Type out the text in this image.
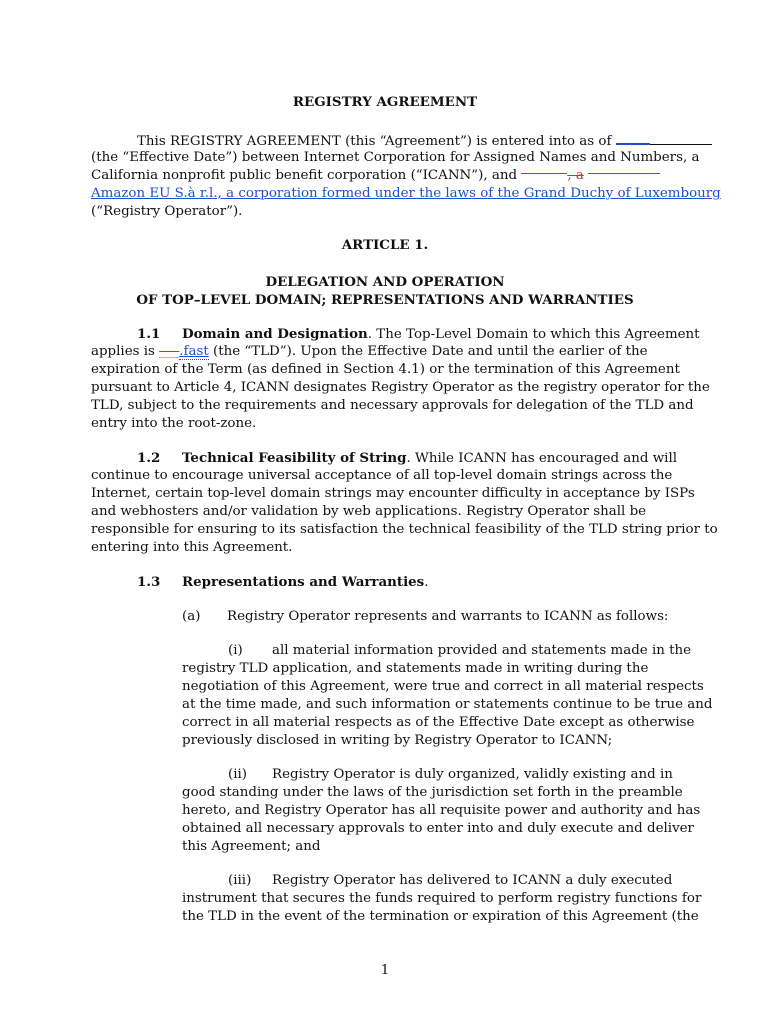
REGISTRY AGREEMENT
This REGISTRY AGREEMENT (this “Agreement”) is entered into as of
(the “Effective Date”) between Internet Corporation for Assigned Names and Numbers, a
California nonprofit public benefit corporation (“ICANN”), and	, a
Amazon EU S.à r.l., a corporation formed under the laws of the Grand Duchy of Luxembourg
(“Registry Operator”).
ARTICLE 1.
DELEGATION AND OPERATION
OF TOP–LEVEL DOMAIN; REPRESENTATIONS AND WARRANTIES
1.1 Domain and Designation. The Top-Level Domain to which this Agreement
applies is ___.fast (the “TLD”). Upon the Effective Date and until the earlier of the
expiration of the Term (as defined in Section 4.1) or the termination of this Agreement
pursuant to Article 4, ICANN designates Registry Operator as the registry operator for the
TLD, subject to the requirements and necessary approvals for delegation of the TLD and
entry into the root-zone.
1.2 Technical Feasibility of String. While ICANN has encouraged and will
continue to encourage universal acceptance of all top-level domain strings across the
Internet, certain top-level domain strings may encounter difficulty in acceptance by ISPs
and webhosters and/or validation by web applications. Registry Operator shall be
responsible for ensuring to its satisfaction the technical feasibility of the TLD string prior to
entering into this Agreement.
1.3 Representations and Warranties.
(a) Registry Operator represents and warrants to ICANN as follows:
(i) all material information provided and statements made in the
registry TLD application, and statements made in writing during the
negotiation of this Agreement, were true and correct in all material respects
at the time made, and such information or statements continue to be true and
correct in all material respects as of the Effective Date except as otherwise
previously disclosed in writing by Registry Operator to ICANN;
(ii) Registry Operator is duly organized, validly existing and in
good standing under the laws of the jurisdiction set forth in the preamble
hereto, and Registry Operator has all requisite power and authority and has
obtained all necessary approvals to enter into and duly execute and deliver
this Agreement; and
(iii) Registry Operator has delivered to ICANN a duly executed
instrument that secures the funds required to perform registry functions for
the TLD in the event of the termination or expiration of this Agreement (the
1
